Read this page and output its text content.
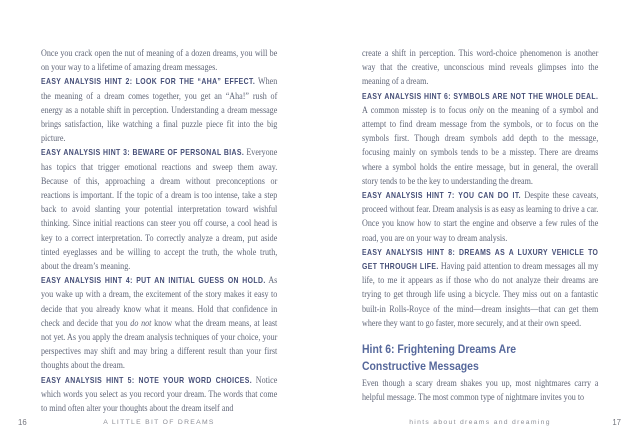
Once you crack open the nut of meaning of a dozen dreams, you will be on your way to a lifetime of amazing dream messages.

EASY ANALYSIS HINT 2: LOOK FOR THE “AHA” EFFECT. When the meaning of a dream comes together, you get an “Aha!” rush of energy as a notable shift in perception. Understanding a dream message brings satisfaction, like watching a final puzzle piece fit into the big picture.

EASY ANALYSIS HINT 3: BEWARE OF PERSONAL BIAS. Everyone has topics that trigger emotional reactions and sweep them away. Because of this, approaching a dream without preconceptions or reactions is important. If the topic of a dream is too intense, take a step back to avoid slanting your potential interpretation toward wishful thinking. Since initial reactions can steer you off course, a cool head is key to a correct interpretation. To correctly analyze a dream, put aside tinted eyeglasses and be willing to accept the truth, the whole truth, about the dream’s meaning.

EASY ANALYSIS HINT 4: PUT AN INITIAL GUESS ON HOLD. As you wake up with a dream, the excitement of the story makes it easy to decide that you already know what it means. Hold that confidence in check and decide that you do not know what the dream means, at least not yet. As you apply the dream analysis techniques of your choice, your perspectives may shift and may bring a different result than your first thoughts about the dream.

EASY ANALYSIS HINT 5: NOTE YOUR WORD CHOICES. Notice which words you select as you record your dream. The words that come to mind often alter your thoughts about the dream itself and

A LITTLE BIT OF DREAMS
16

create a shift in perception. This word-choice phenomenon is another way that the creative, unconscious mind reveals glimpses into the meaning of a dream.

EASY ANALYSIS HINT 6: SYMBOLS ARE NOT THE WHOLE DEAL. A common misstep is to focus only on the meaning of a symbol and attempt to find dream message from the symbols, or to focus on the symbols first. Though dream symbols add depth to the message, focusing mainly on symbols tends to be a misstep. There are dreams where a symbol holds the entire message, but in general, the overall story tends to be the key to understanding the dream.

EASY ANALYSIS HINT 7: YOU CAN DO IT. Despite these caveats, proceed without fear. Dream analysis is as easy as learning to drive a car. Once you know how to start the engine and observe a few rules of the road, you are on your way to dream analysis.

EASY ANALYSIS HINT 8: DREAMS AS A LUXURY VEHICLE TO GET THROUGH LIFE. Having paid attention to dream messages all my life, to me it appears as if those who do not analyze their dreams are trying to get through life using a bicycle. They miss out on a fantastic built-in Rolls-Royce of the mind—dream insights—that can get them where they want to go faster, more securely, and at their own speed.

Hint 6: Frightening Dreams Are
Constructive Messages

Even though a scary dream shakes you up, most nightmares carry a helpful message. The most common type of nightmare invites you to

hints about dreams and dreaming	17
